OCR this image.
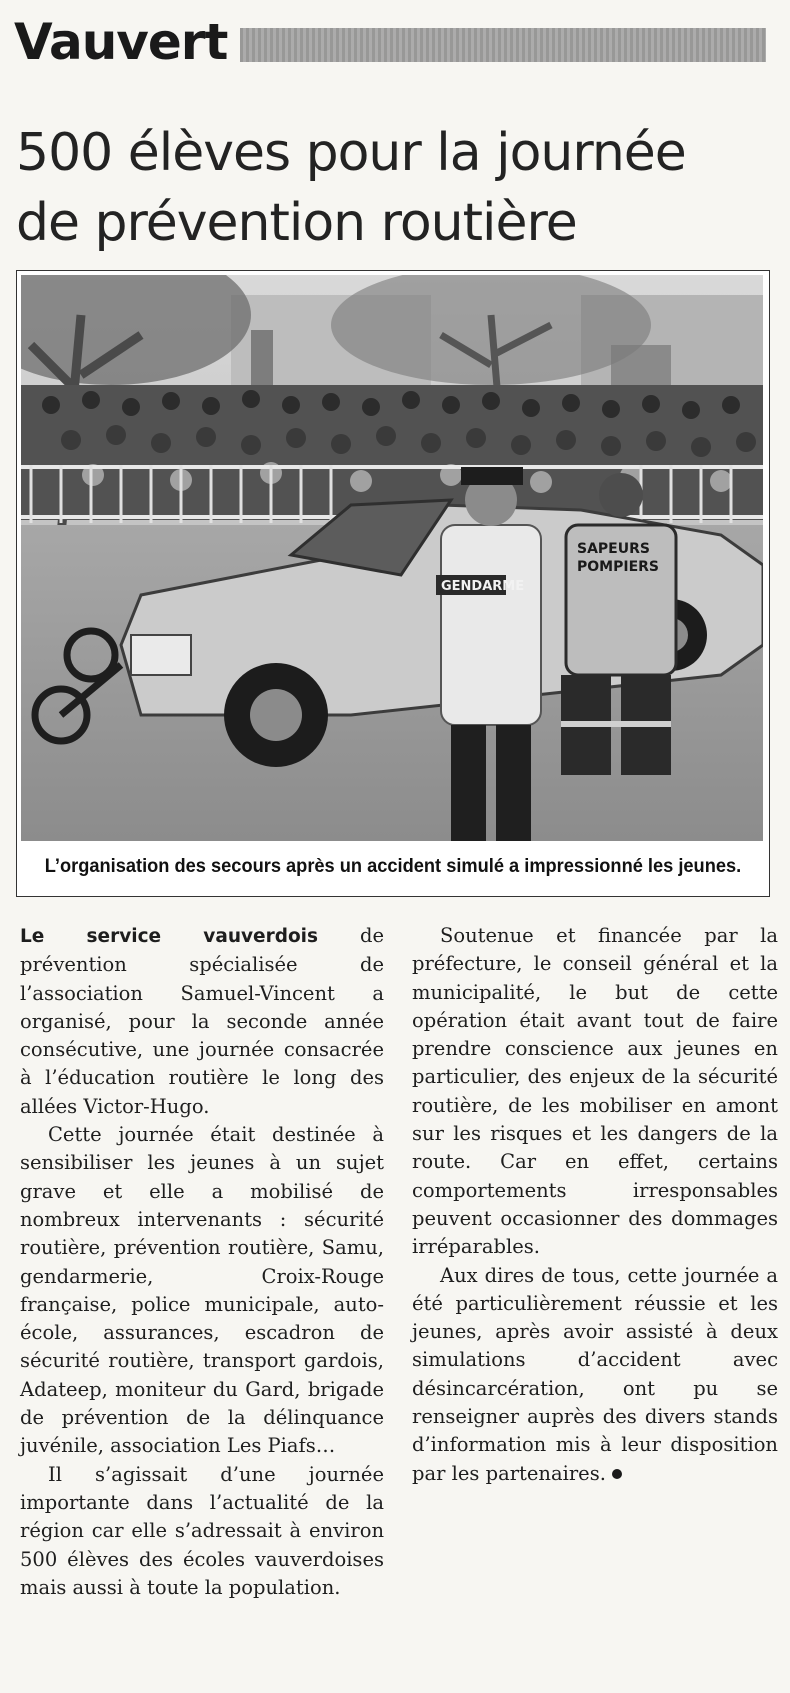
Vauvert
500 élèves pour la journée
de prévention routière
GENDARME
SAPEURS
POMPIERS
L’organisation des secours après un accident simulé a impressionné les jeunes.

Le service vauverdois de prévention spécialisée de l’association Samuel-Vincent a organisé, pour la seconde année consécutive, une journée consacrée à l’éducation routière le long des allées Victor-Hugo.

Cette journée était destinée à sensibiliser les jeunes à un sujet grave et elle a mobilisé de nombreux intervenants : sécurité routière, prévention routière, Samu, gendarmerie, Croix-Rouge française, police municipale, auto-école, assurances, escadron de sécurité routière, transport gardois, Adateep, moniteur du Gard, brigade de prévention de la délinquance juvénile, association Les Piafs…

Il s’agissait d’une journée importante dans l’actualité de la région car elle s’adressait à environ 500 élèves des écoles vauverdoises mais aussi à toute la population.

Soutenue et financée par la préfecture, le conseil général et la municipalité, le but de cette opération était avant tout de faire prendre conscience aux jeunes en particulier, des enjeux de la sécurité routière, de les mobiliser en amont sur les risques et les dangers de la route. Car en effet, certains comportements irresponsables peuvent occasionner des dommages irréparables.

Aux dires de tous, cette journée a été particulièrement réussie et les jeunes, après avoir assisté à deux simulations d’accident avec désincarcération, ont pu se renseigner auprès des divers stands d’information mis à leur disposition par les partenaires.
